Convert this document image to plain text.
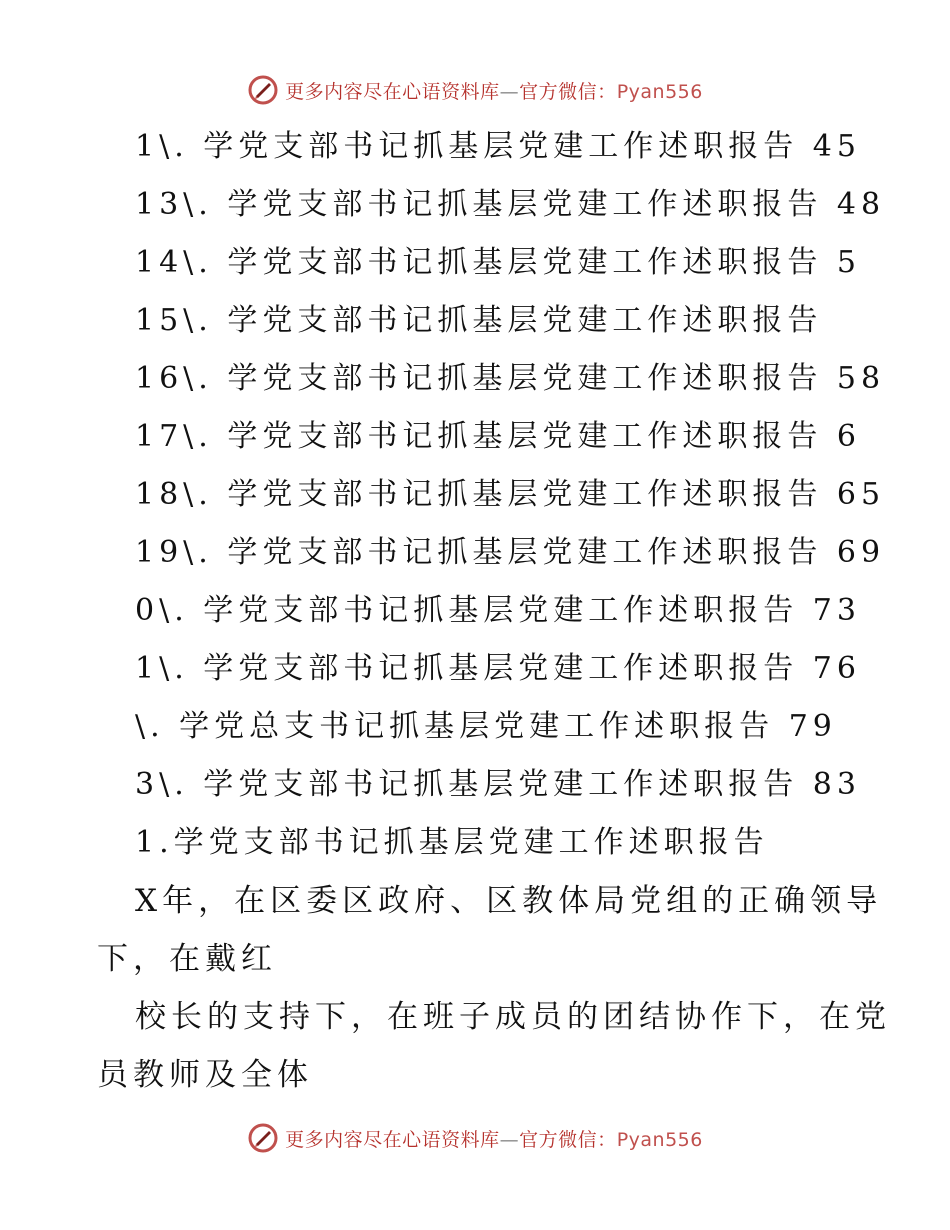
更多内容尽在心语资料库—官方微信：Pyan556
1\. 学党支部书记抓基层党建工作述职报告 45
13\. 学党支部书记抓基层党建工作述职报告 48
14\. 学党支部书记抓基层党建工作述职报告 5
15\. 学党支部书记抓基层党建工作述职报告
16\. 学党支部书记抓基层党建工作述职报告 58
17\. 学党支部书记抓基层党建工作述职报告 6
18\. 学党支部书记抓基层党建工作述职报告 65
19\. 学党支部书记抓基层党建工作述职报告 69
0\. 学党支部书记抓基层党建工作述职报告 73
1\. 学党支部书记抓基层党建工作述职报告 76
\. 学党总支书记抓基层党建工作述职报告 79
3\. 学党支部书记抓基层党建工作述职报告 83
1.学党支部书记抓基层党建工作述职报告
X年，在区委区政府、区教体局党组的正确领导
下，在戴红
校长的支持下，在班子成员的团结协作下，在党
员教师及全体
更多内容尽在心语资料库—官方微信：Pyan556
